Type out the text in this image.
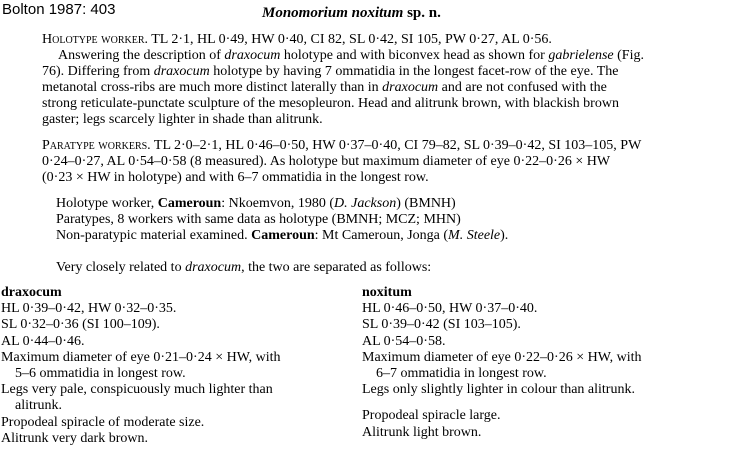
Bolton 1987: 403	Monomorium noxitum sp. n.
Holotype worker. TL 2·1, HL 0·49, HW 0·40, CI 82, SL 0·42, SI 105, PW 0·27, AL 0·56.
Answering the description of draxocum holotype and with biconvex head as shown for gabrielense (Fig.
76). Differing from draxocum holotype by having 7 ommatidia in the longest facet-row of the eye. The
metanotal cross-ribs are much more distinct laterally than in draxocum and are not confused with the
strong reticulate-punctate sculpture of the mesopleuron. Head and alitrunk brown, with blackish brown
gaster; legs scarcely lighter in shade than alitrunk.
Paratype workers. TL 2·0–2·1, HL 0·46–0·50, HW 0·37–0·40, CI 79–82, SL 0·39–0·42, SI 103–105, PW
0·24–0·27, AL 0·54–0·58 (8 measured). As holotype but maximum diameter of eye 0·22–0·26 × HW
(0·23 × HW in holotype) and with 6–7 ommatidia in the longest row.
Holotype worker, Cameroun: Nkoemvon, 1980 (D. Jackson) (BMNH)
Paratypes, 8 workers with same data as holotype (BMNH; MCZ; MHN)
Non-paratypic material examined. Cameroun: Mt Cameroun, Jonga (M. Steele).
Very closely related to draxocum, the two are separated as follows:
draxocum
HL 0·39–0·42, HW 0·32–0·35.
SL 0·32–0·36 (SI 100–109).
AL 0·44–0·46.
Maximum diameter of eye 0·21–0·24 × HW, with
5–6 ommatidia in longest row.
Legs very pale, conspicuously much lighter than
alitrunk.
Propodeal spiracle of moderate size.
Alitrunk very dark brown.
noxitum
HL 0·46–0·50, HW 0·37–0·40.
SL 0·39–0·42 (SI 103–105).
AL 0·54–0·58.
Maximum diameter of eye 0·22–0·26 × HW, with
6–7 ommatidia in longest row.
Legs only slightly lighter in colour than alitrunk.
Propodeal spiracle large.
Alitrunk light brown.
